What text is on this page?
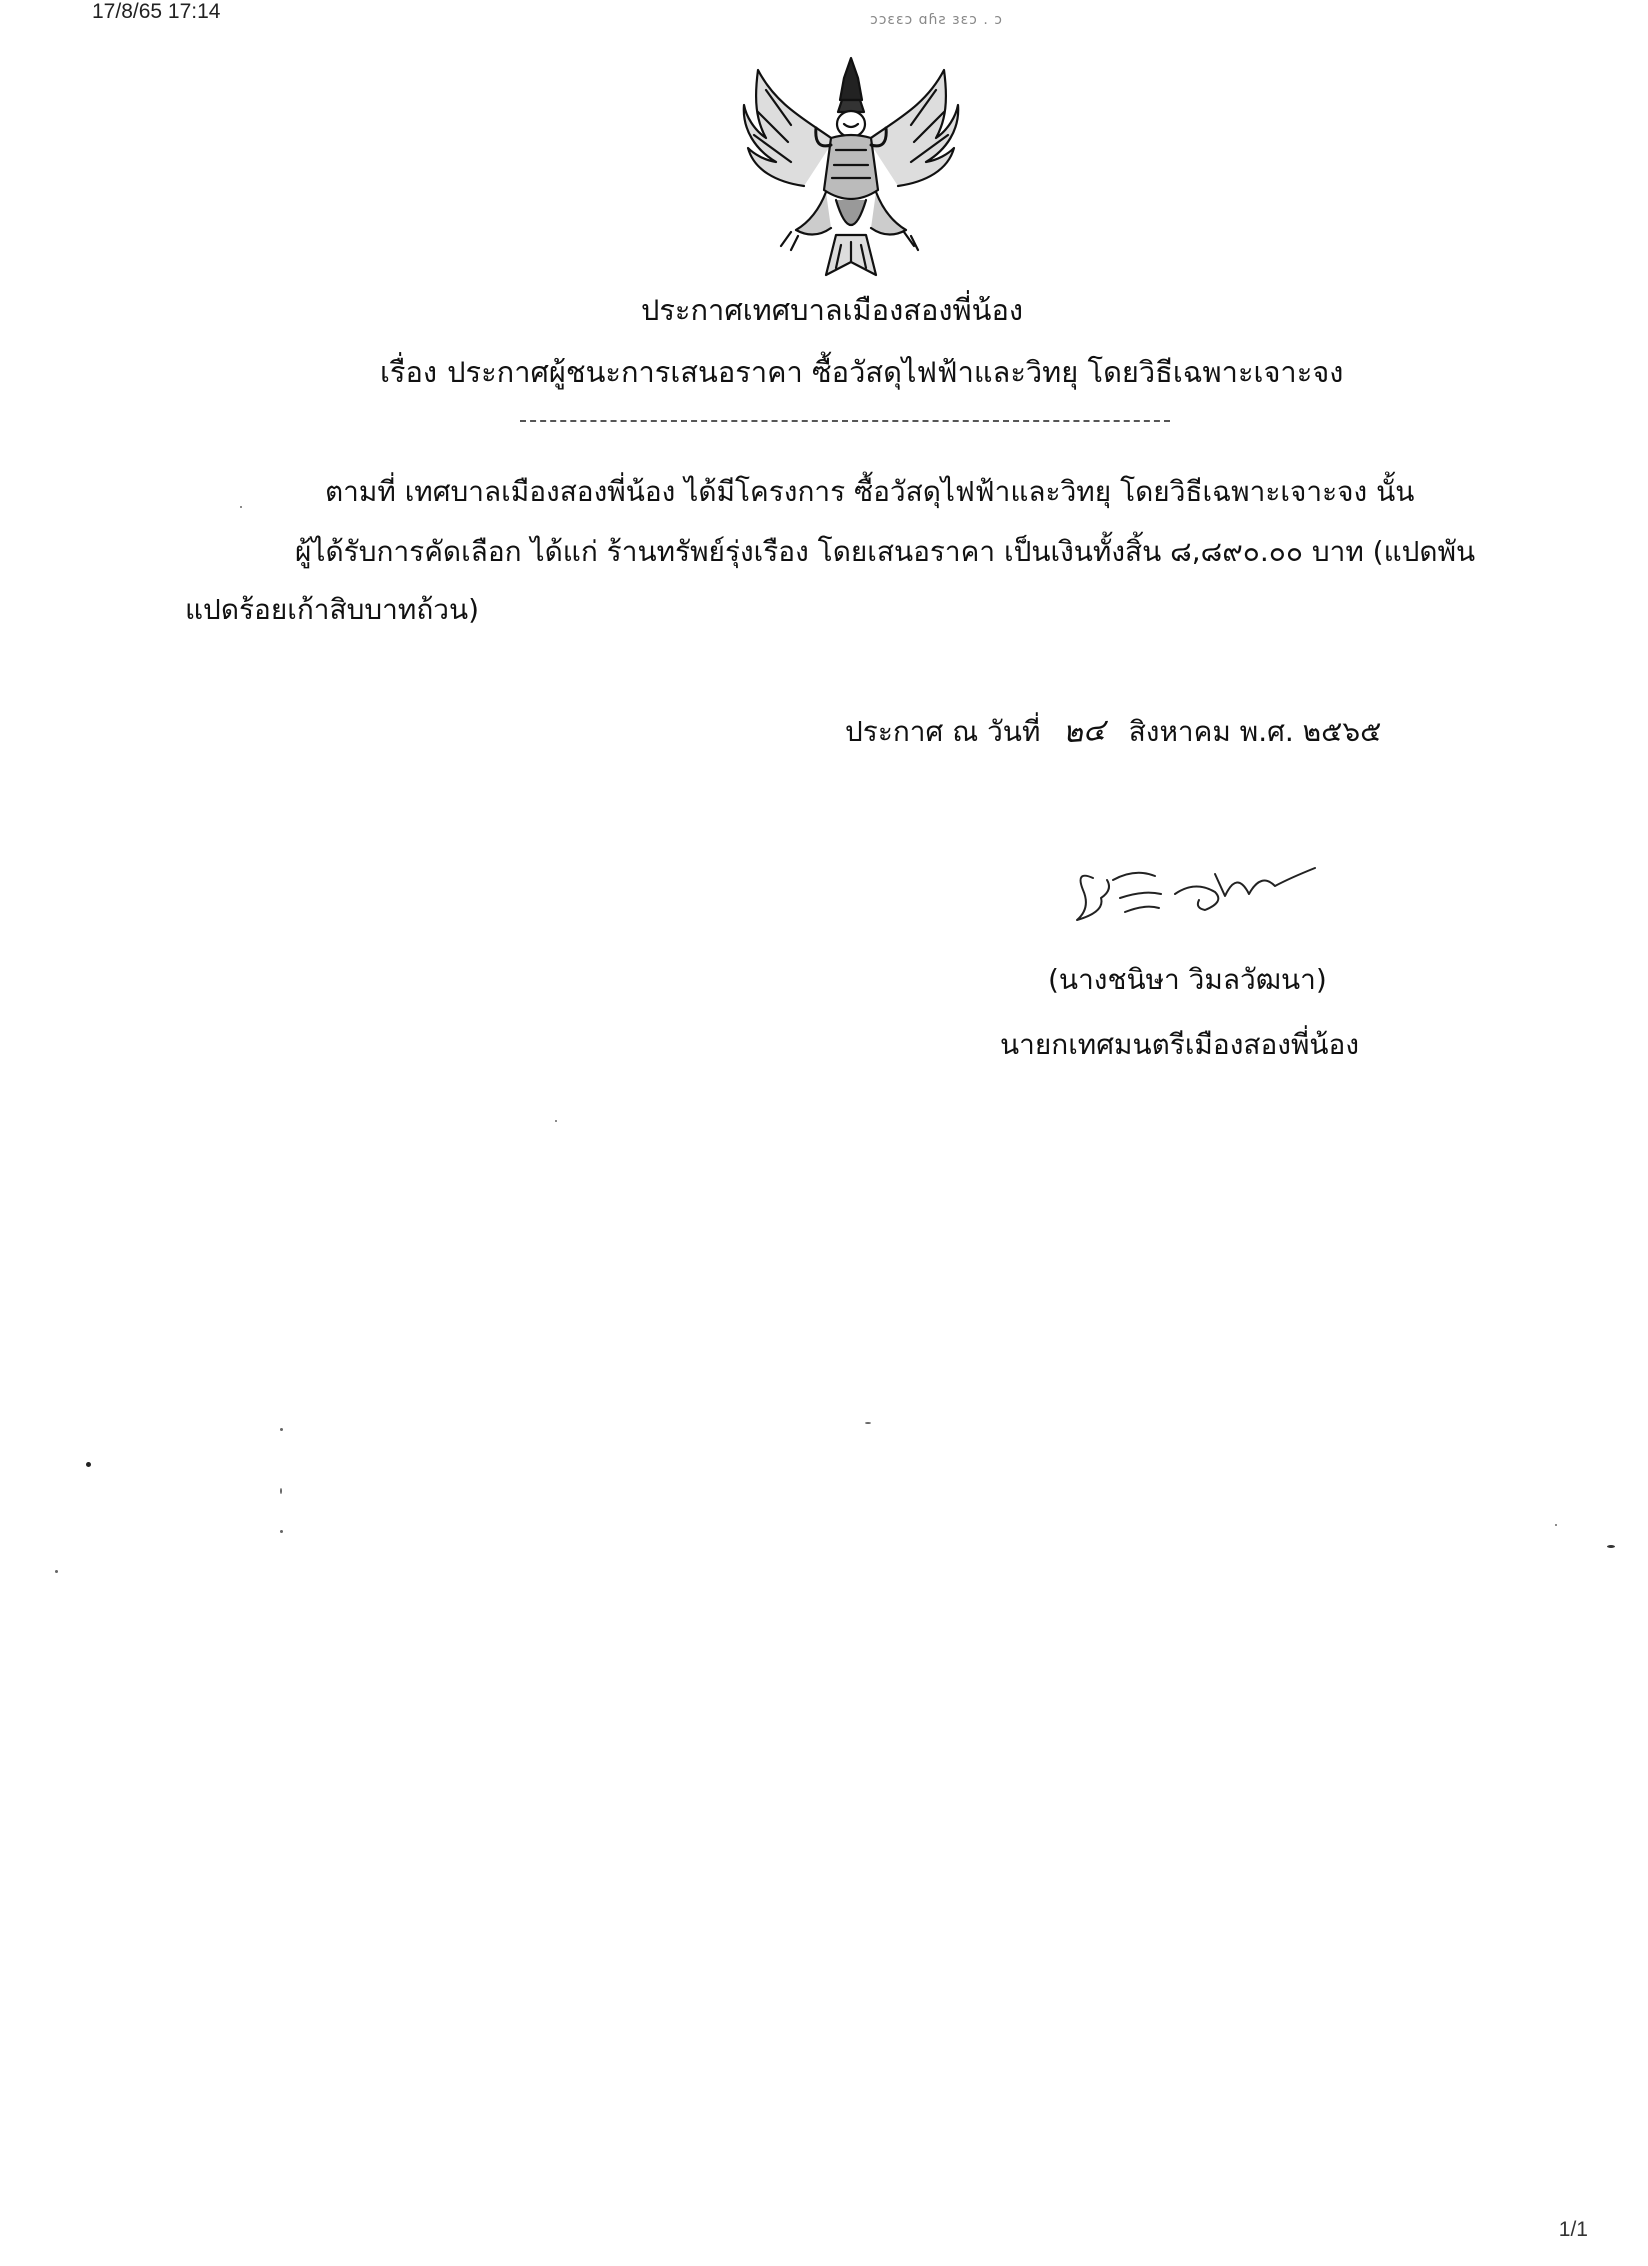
17/8/65 17:14	ɔɔɛɛɔ ɑɦƨ ɜɛɔ . ɔ
ประกาศเทศบาลเมืองสองพี่น้อง
เรื่อง ประกาศผู้ชนะการเสนอราคา ซื้อวัสดุไฟฟ้าและวิทยุ โดยวิธีเฉพาะเจาะจง
ตามที่ เทศบาลเมืองสองพี่น้อง ได้มีโครงการ ซื้อวัสดุไฟฟ้าและวิทยุ โดยวิธีเฉพาะเจาะจง นั้น
ผู้ได้รับการคัดเลือก ได้แก่ ร้านทรัพย์รุ่งเรือง โดยเสนอราคา เป็นเงินทั้งสิ้น ๘,๘๙๐.๐๐ บาท (แปดพัน
แปดร้อยเก้าสิบบาทถ้วน)
ประกาศ ณ วันที่ ๒๔ สิงหาคม พ.ศ. ๒๕๖๕
(นางชนิษา วิมลวัฒนา)
นายกเทศมนตรีเมืองสองพี่น้อง
1/1
